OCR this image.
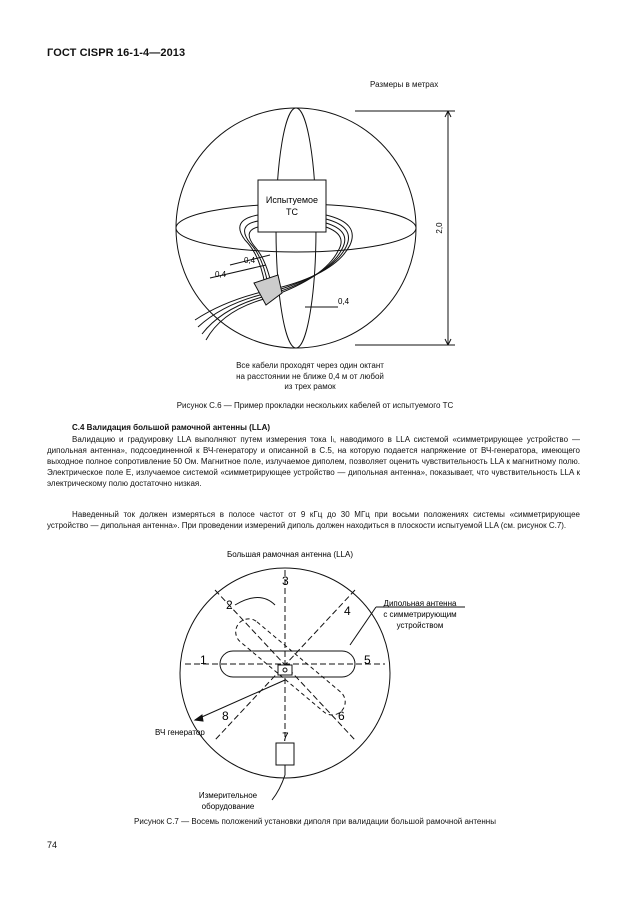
ГОСТ CISPR 16-1-4—2013
Размеры в метрах
Испытуемое
ТС
0,4
0,4
0,4
2,0
Все кабели проходят через один октант
на расстоянии не ближе 0,4 м от любой
из трех рамок
Рисунок С.6 — Пример прокладки нескольких кабелей от испытуемого ТС
С.4 Валидация большой рамочной антенны (LLA)
Валидацию и градуировку LLA выполняют путем измерения тока Iₗ, наводимого в LLA системой «симметрирующее устройство — дипольная антенна», подсоединенной к ВЧ-генератору и описанной в С.5, на которую подается напряжение от ВЧ-генератора, имеющего выходное полное сопротивление 50 Ом. Магнитное поле, излучаемое диполем, позволяет оценить чувствительность LLA к магнитному полю. Электрическое поле E, излучаемое системой «симметрирующее устройство — дипольная антенна», показывает, что чувствительность LLA к электрическому полю достаточно низкая.
Наведенный ток должен измеряться в полосе частот от 9 кГц до 30 МГц при восьми положениях системы «симметрирующее устройство — дипольная антенна». При проведении измерений диполь должен находиться в плоскости испытуемой LLA (см. рисунок С.7).
Большая рамочная антенна (LLA)
1
2
3
4
5
6
7
8
Дипольная антенна
с симметрирующим
устройством
ВЧ генератор
Измерительное
оборудование
Рисунок С.7 — Восемь положений установки диполя при валидации большой рамочной антенны
74
